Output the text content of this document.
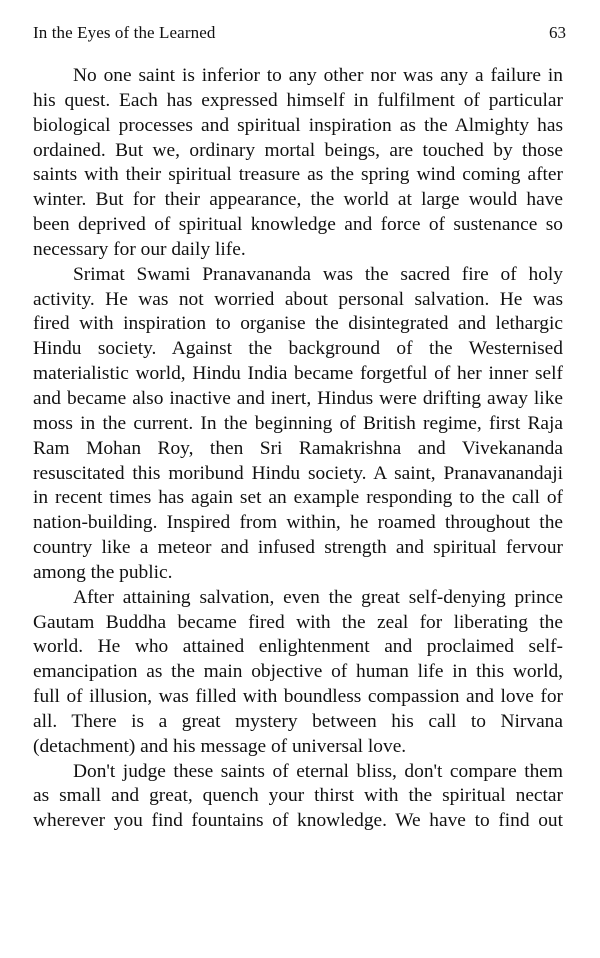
In the Eyes of the Learned	63
No one saint is inferior to any other nor was any a failure in
his quest. Each has expressed himself in fulfilment of particular
biological processes and spiritual inspiration as the Almighty has
ordained. But we, ordinary mortal beings, are touched by those
saints with their spiritual treasure as the spring wind coming after
winter. But for their appearance, the world at large would have
been deprived of spiritual knowledge and force of sustenance so
necessary for our daily life.
Srimat Swami Pranavananda was the sacred fire of holy
activity. He was not worried about personal salvation. He was
fired with inspiration to organise the disintegrated and lethargic
Hindu society. Against the background of the Westernised
materialistic world, Hindu India became forgetful of her inner self
and became also inactive and inert, Hindus were drifting away like
moss in the current. In the beginning of British regime, first Raja
Ram Mohan Roy, then Sri Ramakrishna and Vivekananda
resuscitated this moribund Hindu society. A saint, Pranavanandaji
in recent times has again set an example responding to the call of
nation-building. Inspired from within, he roamed throughout the
country like a meteor and infused strength and spiritual fervour
among the public.
After attaining salvation, even the great self-denying prince
Gautam Buddha became fired with the zeal for liberating the
world. He who attained enlightenment and proclaimed self-
emancipation as the main objective of human life in this world,
full of illusion, was filled with boundless compassion and love for
all. There is a great mystery between his call to Nirvana
(detachment) and his message of universal love.
Don't judge these saints of eternal bliss, don't compare them
as small and great, quench your thirst with the spiritual nectar
wherever you find fountains of knowledge. We have to find out
